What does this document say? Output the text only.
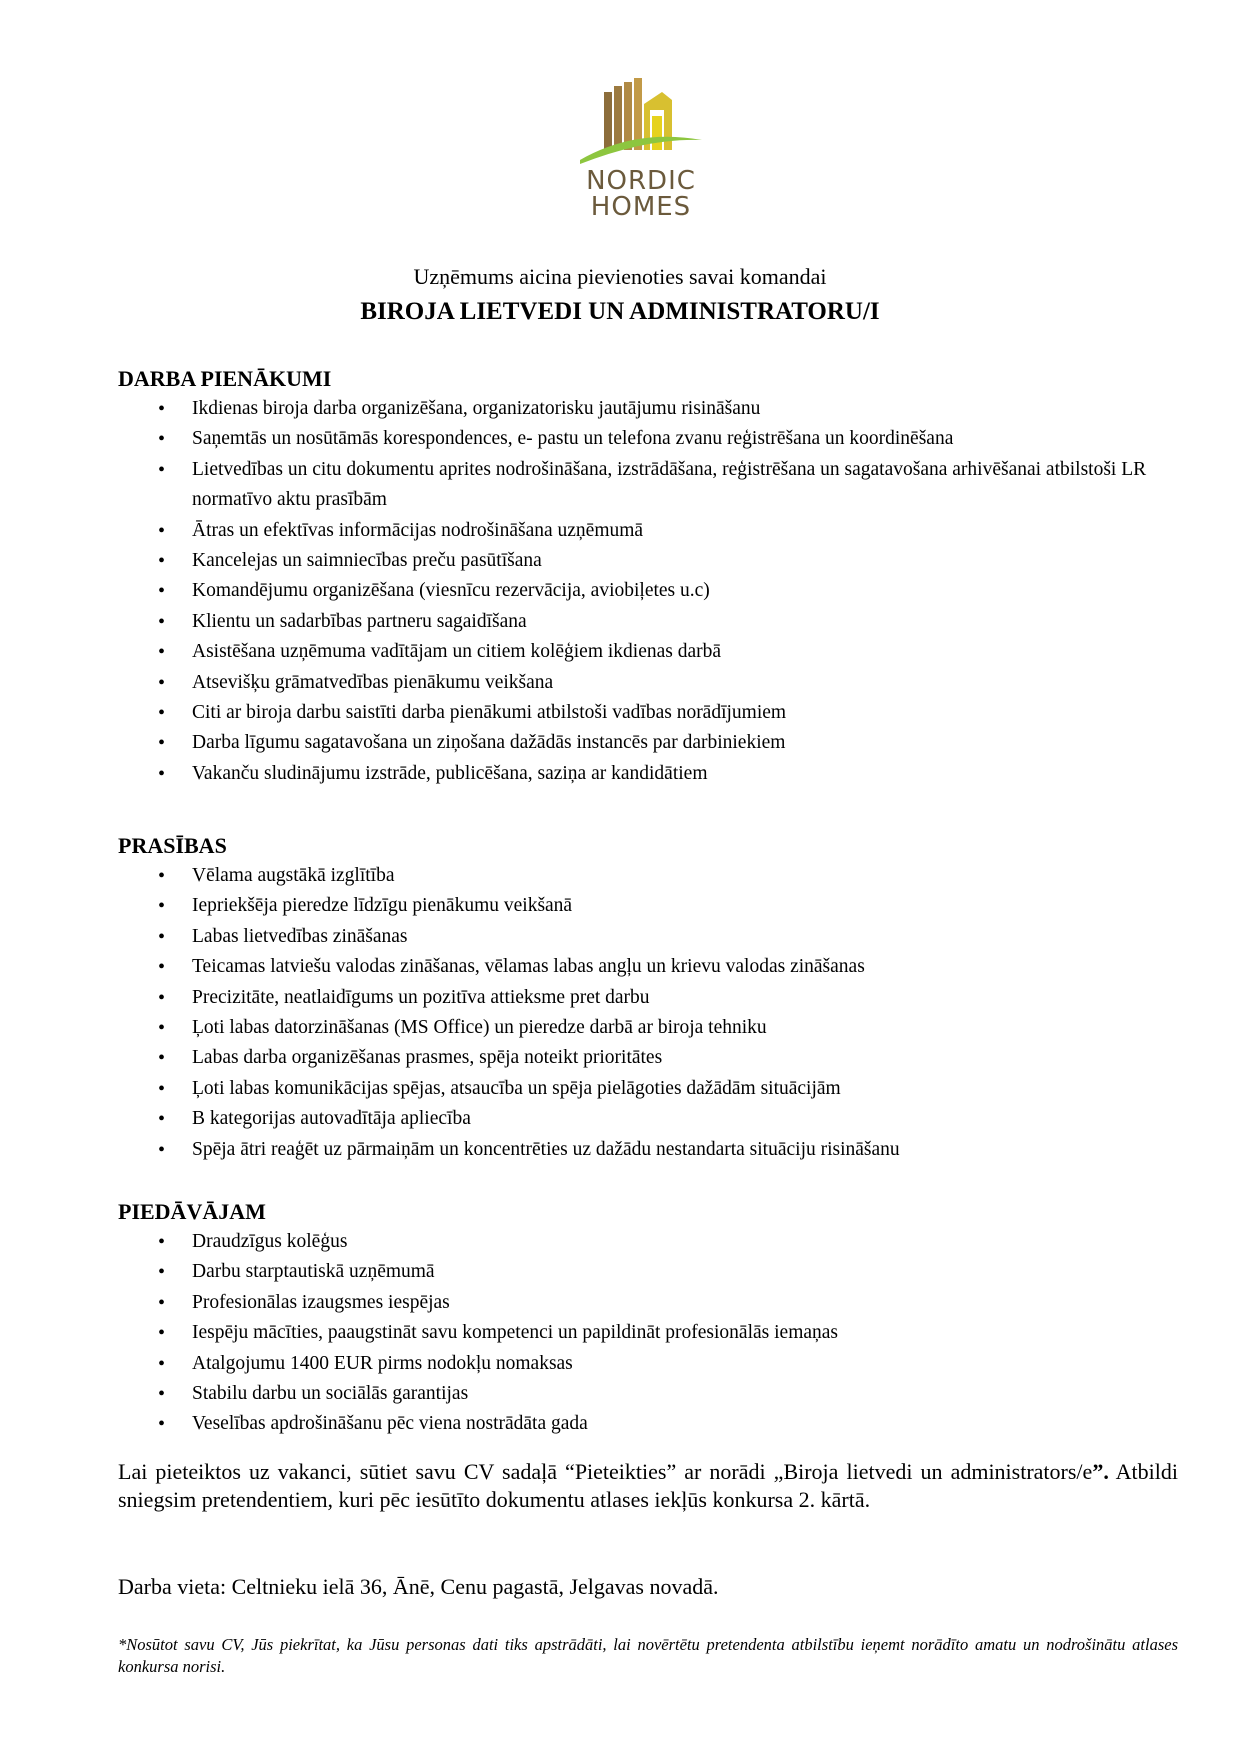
NORDIC
HOMES
Uzņēmums aicina pievienoties savai komandai
BIROJA LIETVEDI UN ADMINISTRATORU/I
DARBA PIENĀKUMI
• Ikdienas biroja darba organizēšana, organizatorisku jautājumu risināšanu
• Saņemtās un nosūtāmās korespondences, e- pastu un telefona zvanu reģistrēšana un koordinēšana
• Lietvedības un citu dokumentu aprites nodrošināšana, izstrādāšana, reģistrēšana un sagatavošana arhivēšanai atbilstoši LR normatīvo aktu prasībām
• Ātras un efektīvas informācijas nodrošināšana uzņēmumā
• Kancelejas un saimniecības preču pasūtīšana
• Komandējumu organizēšana (viesnīcu rezervācija, aviobiļetes u.c)
• Klientu un sadarbības partneru sagaidīšana
• Asistēšana uzņēmuma vadītājam un citiem kolēģiem ikdienas darbā
• Atsevišķu grāmatvedības pienākumu veikšana
• Citi ar biroja darbu saistīti darba pienākumi atbilstoši vadības norādījumiem
• Darba līgumu sagatavošana un ziņošana dažādās instancēs par darbiniekiem
• Vakanču sludinājumu izstrāde, publicēšana, saziņa ar kandidātiem
PRASĪBAS
• Vēlama augstākā izglītība
• Iepriekšēja pieredze līdzīgu pienākumu veikšanā
• Labas lietvedības zināšanas
• Teicamas latviešu valodas zināšanas, vēlamas labas angļu un krievu valodas zināšanas
• Precizitāte, neatlaidīgums un pozitīva attieksme pret darbu
• Ļoti labas datorzināšanas (MS Office) un pieredze darbā ar biroja tehniku
• Labas darba organizēšanas prasmes, spēja noteikt prioritātes
• Ļoti labas komunikācijas spējas, atsaucība un spēja pielāgoties dažādām situācijām
• B kategorijas autovadītāja apliecība
• Spēja ātri reaģēt uz pārmaiņām un koncentrēties uz dažādu nestandarta situāciju risināšanu
PIEDĀVĀJAM
• Draudzīgus kolēģus
• Darbu starptautiskā uzņēmumā
• Profesionālas izaugsmes iespējas
• Iespēju mācīties, paaugstināt savu kompetenci un papildināt profesionālās iemaņas
• Atalgojumu 1400 EUR pirms nodokļu nomaksas
• Stabilu darbu un sociālās garantijas
• Veselības apdrošināšanu pēc viena nostrādāta gada
Lai pieteiktos uz vakanci, sūtiet savu CV sadaļā “Pieteikties” ar norādi „Biroja lietvedi un administrators/e”. Atbildi sniegsim pretendentiem, kuri pēc iesūtīto dokumentu atlases iekļūs konkursa 2. kārtā.
Darba vieta: Celtnieku ielā 36, Ānē, Cenu pagastā, Jelgavas novadā.
*Nosūtot savu CV, Jūs piekrītat, ka Jūsu personas dati tiks apstrādāti, lai novērtētu pretendenta atbilstību ieņemt norādīto amatu un nodrošinātu atlases konkursa norisi.
